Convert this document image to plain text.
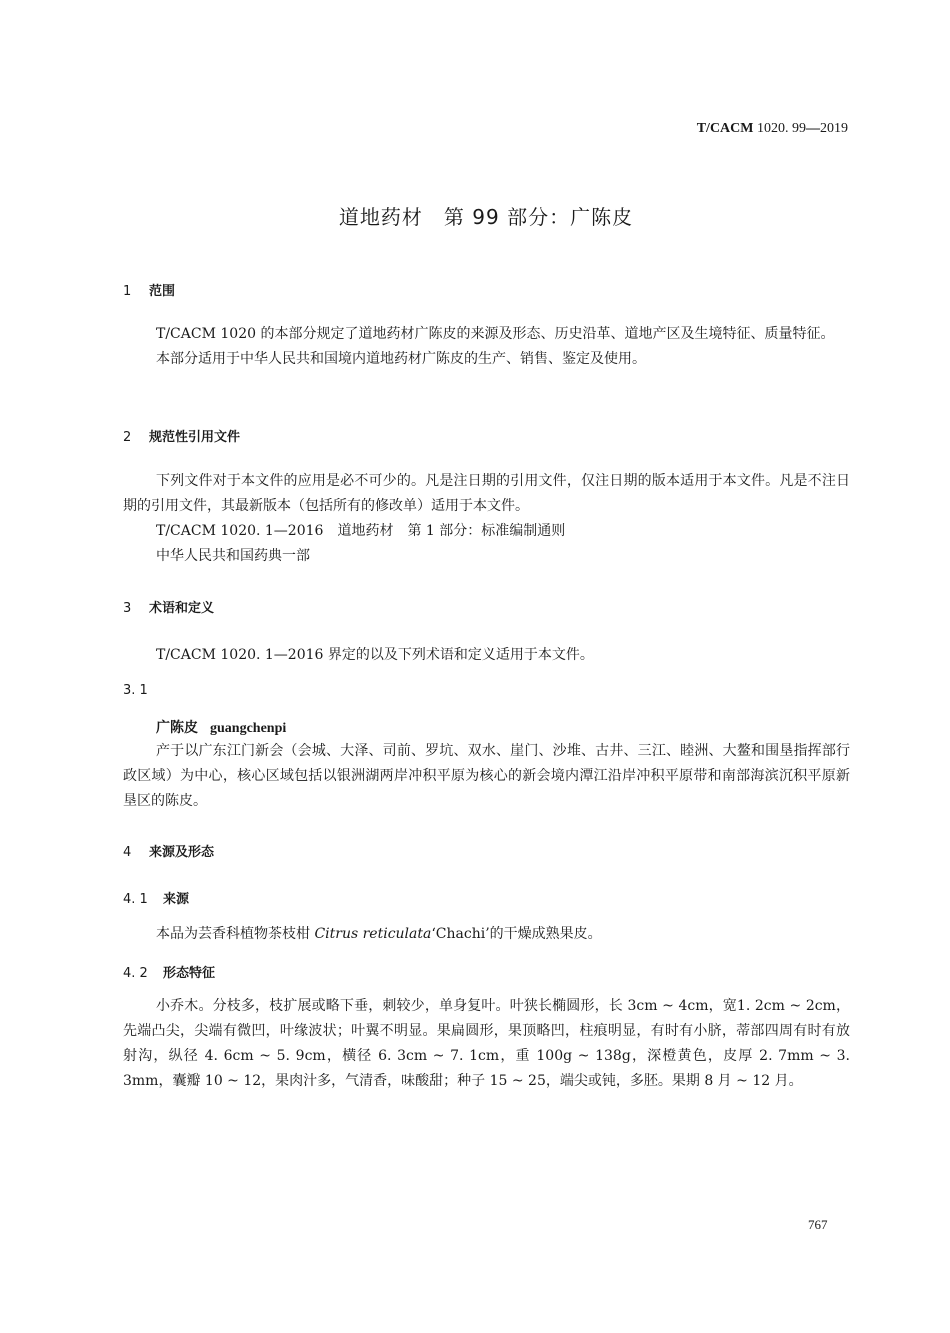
T/CACM 1020. 99—2019
道地药材　第 99 部分：广陈皮
1 范围

T/CACM 1020 的本部分规定了道地药材广陈皮的来源及形态、历史沿革、道地产区及生境特征、质量特征。

本部分适用于中华人民共和国境内道地药材广陈皮的生产、销售、鉴定及使用。

2 规范性引用文件

下列文件对于本文件的应用是必不可少的。凡是注日期的引用文件，仅注日期的版本适用于本文件。凡是不注日期的引用文件，其最新版本（包括所有的修改单）适用于本文件。

T/CACM 1020. 1—2016　道地药材　第 1 部分：标准编制通则

中华人民共和国药典一部

3 术语和定义

T/CACM 1020. 1—2016 界定的以及下列术语和定义适用于本文件。

3. 1
广陈皮 guangchenpi

产于以广东江门新会（会城、大泽、司前、罗坑、双水、崖门、沙堆、古井、三江、睦洲、大鳌和围垦指挥部行政区域）为中心，核心区域包括以银洲湖两岸冲积平原为核心的新会境内潭江沿岸冲积平原带和南部海滨沉积平原新垦区的陈皮。

4 来源及形态
4. 1 来源

本品为芸香科植物茶枝柑 Citrus reticulata‘Chachi’的干燥成熟果皮。

4. 2 形态特征

小乔木。分枝多，枝扩展或略下垂，刺较少，单身复叶。叶狭长椭圆形，长 3cm ~ 4cm，宽1. 2cm ~ 2cm，先端凸尖，尖端有微凹，叶缘波状；叶翼不明显。果扁圆形，果顶略凹，柱痕明显，有时有小脐，蒂部四周有时有放射沟，纵径 4. 6cm ~ 5. 9cm，横径 6. 3cm ~ 7. 1cm，重 100g ~ 138g，深橙黄色，皮厚 2. 7mm ~ 3. 3mm，囊瓣 10 ~ 12，果肉汁多，气清香，味酸甜；种子 15 ~ 25，端尖或钝，多胚。果期 8 月 ~ 12 月。

767
